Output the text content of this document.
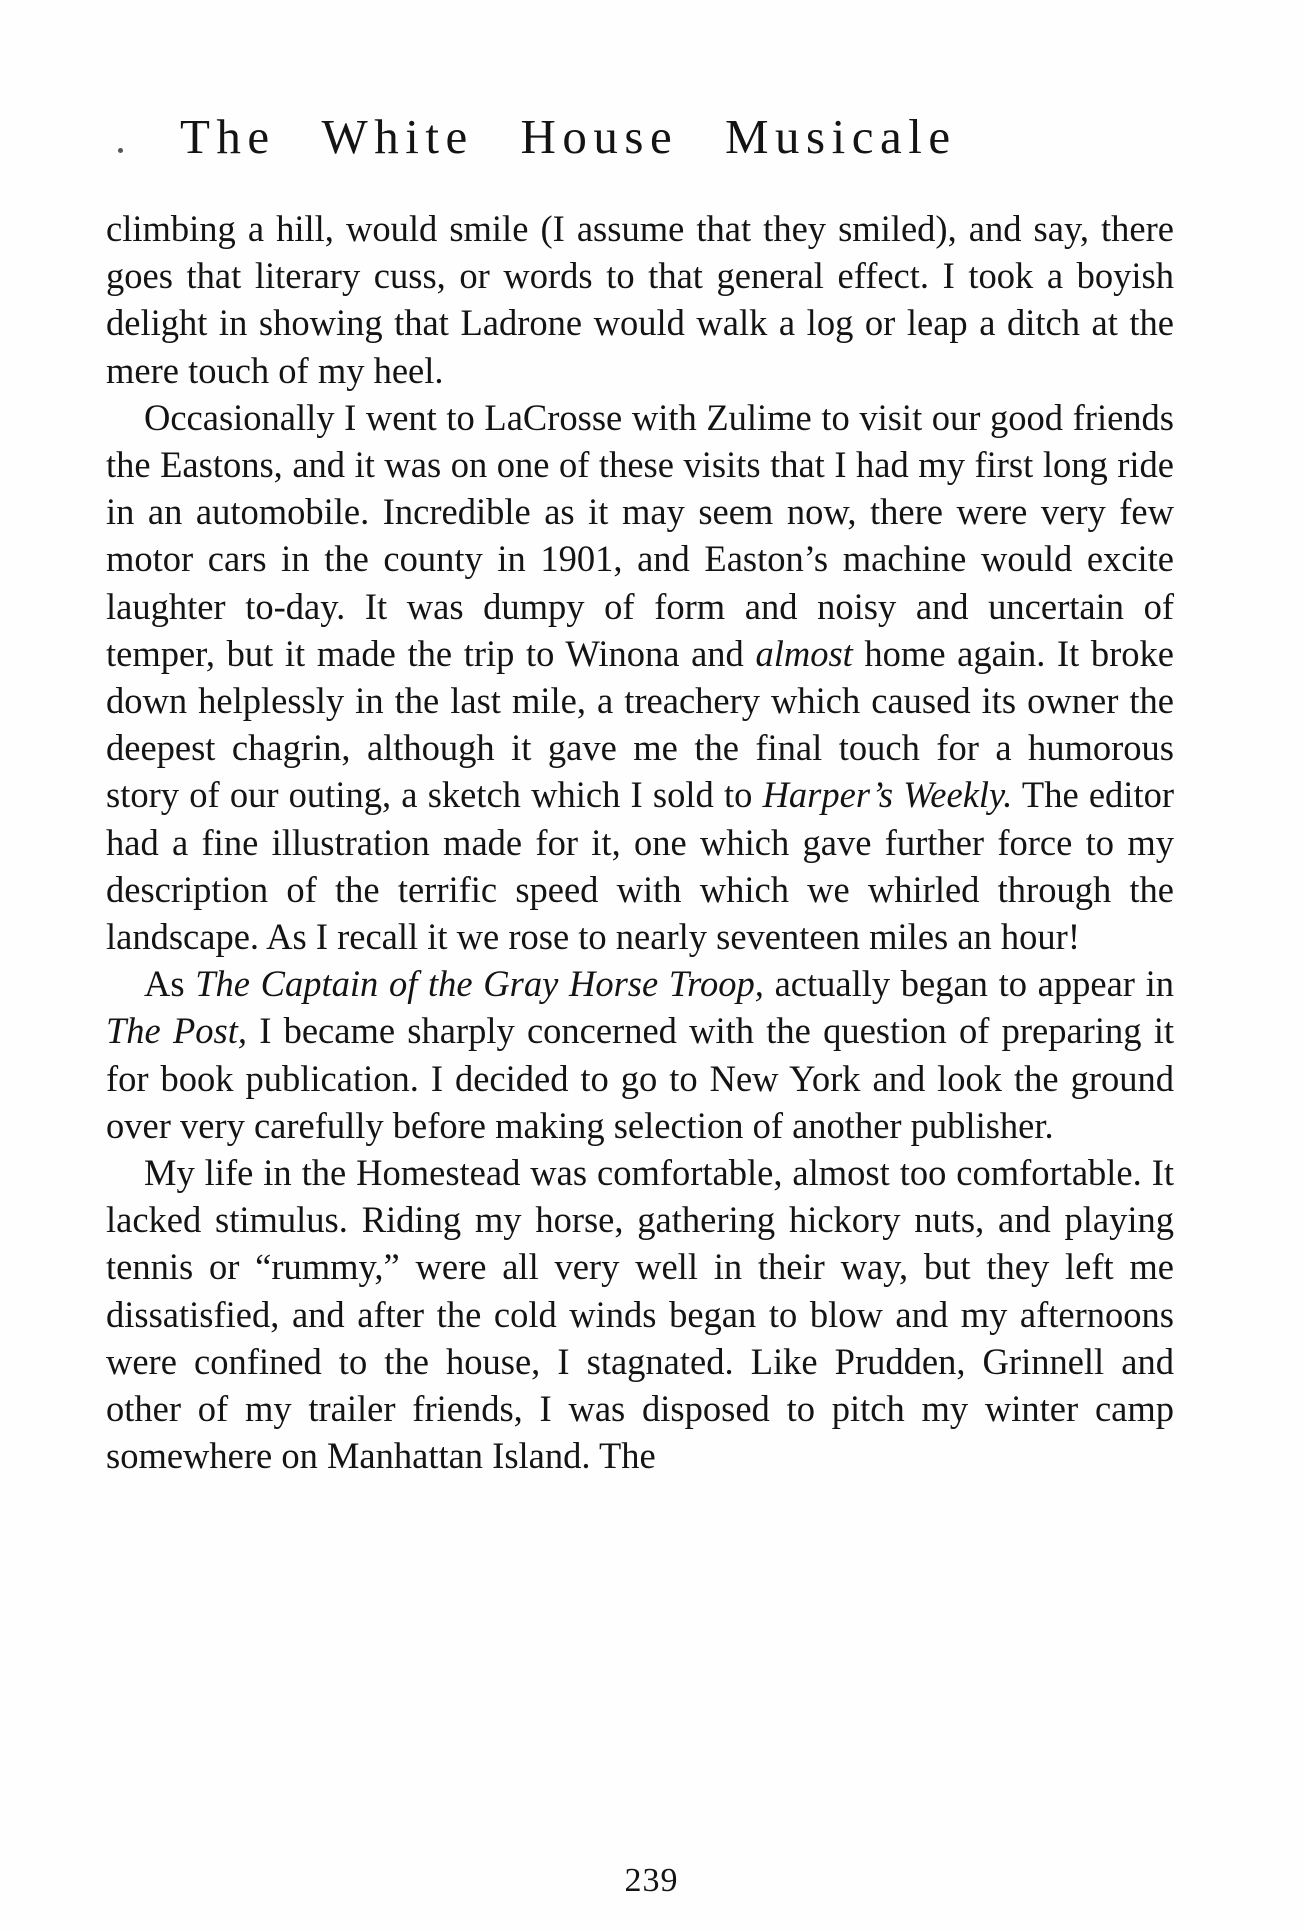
The White House Musicale

climbing a hill, would smile (I assume that they smiled), and say, there goes that literary cuss, or words to that general effect. I took a boyish delight in showing that Ladrone would walk a log or leap a ditch at the mere touch of my heel.

Occasionally I went to LaCrosse with Zulime to visit our good friends the Eastons, and it was on one of these visits that I had my first long ride in an automobile. Incredible as it may seem now, there were very few motor cars in the county in 1901, and Easton’s machine would excite laughter to-day. It was dumpy of form and noisy and uncertain of temper, but it made the trip to Winona and almost home again. It broke down helplessly in the last mile, a treachery which caused its owner the deepest chagrin, although it gave me the final touch for a humorous story of our outing, a sketch which I sold to Harper’s Weekly. The editor had a fine illustration made for it, one which gave further force to my description of the terrific speed with which we whirled through the landscape. As I recall it we rose to nearly seventeen miles an hour!

As The Captain of the Gray Horse Troop, actually began to appear in The Post, I became sharply concerned with the question of preparing it for book publication. I decided to go to New York and look the ground over very carefully before making selection of another publisher.

My life in the Homestead was comfortable, almost too comfortable. It lacked stimulus. Riding my horse, gathering hickory nuts, and playing tennis or “rummy,” were all very well in their way, but they left me dissatisfied, and after the cold winds began to blow and my afternoons were confined to the house, I stagnated. Like Prudden, Grinnell and other of my trailer friends, I was disposed to pitch my winter camp somewhere on Manhattan Island. The

239
